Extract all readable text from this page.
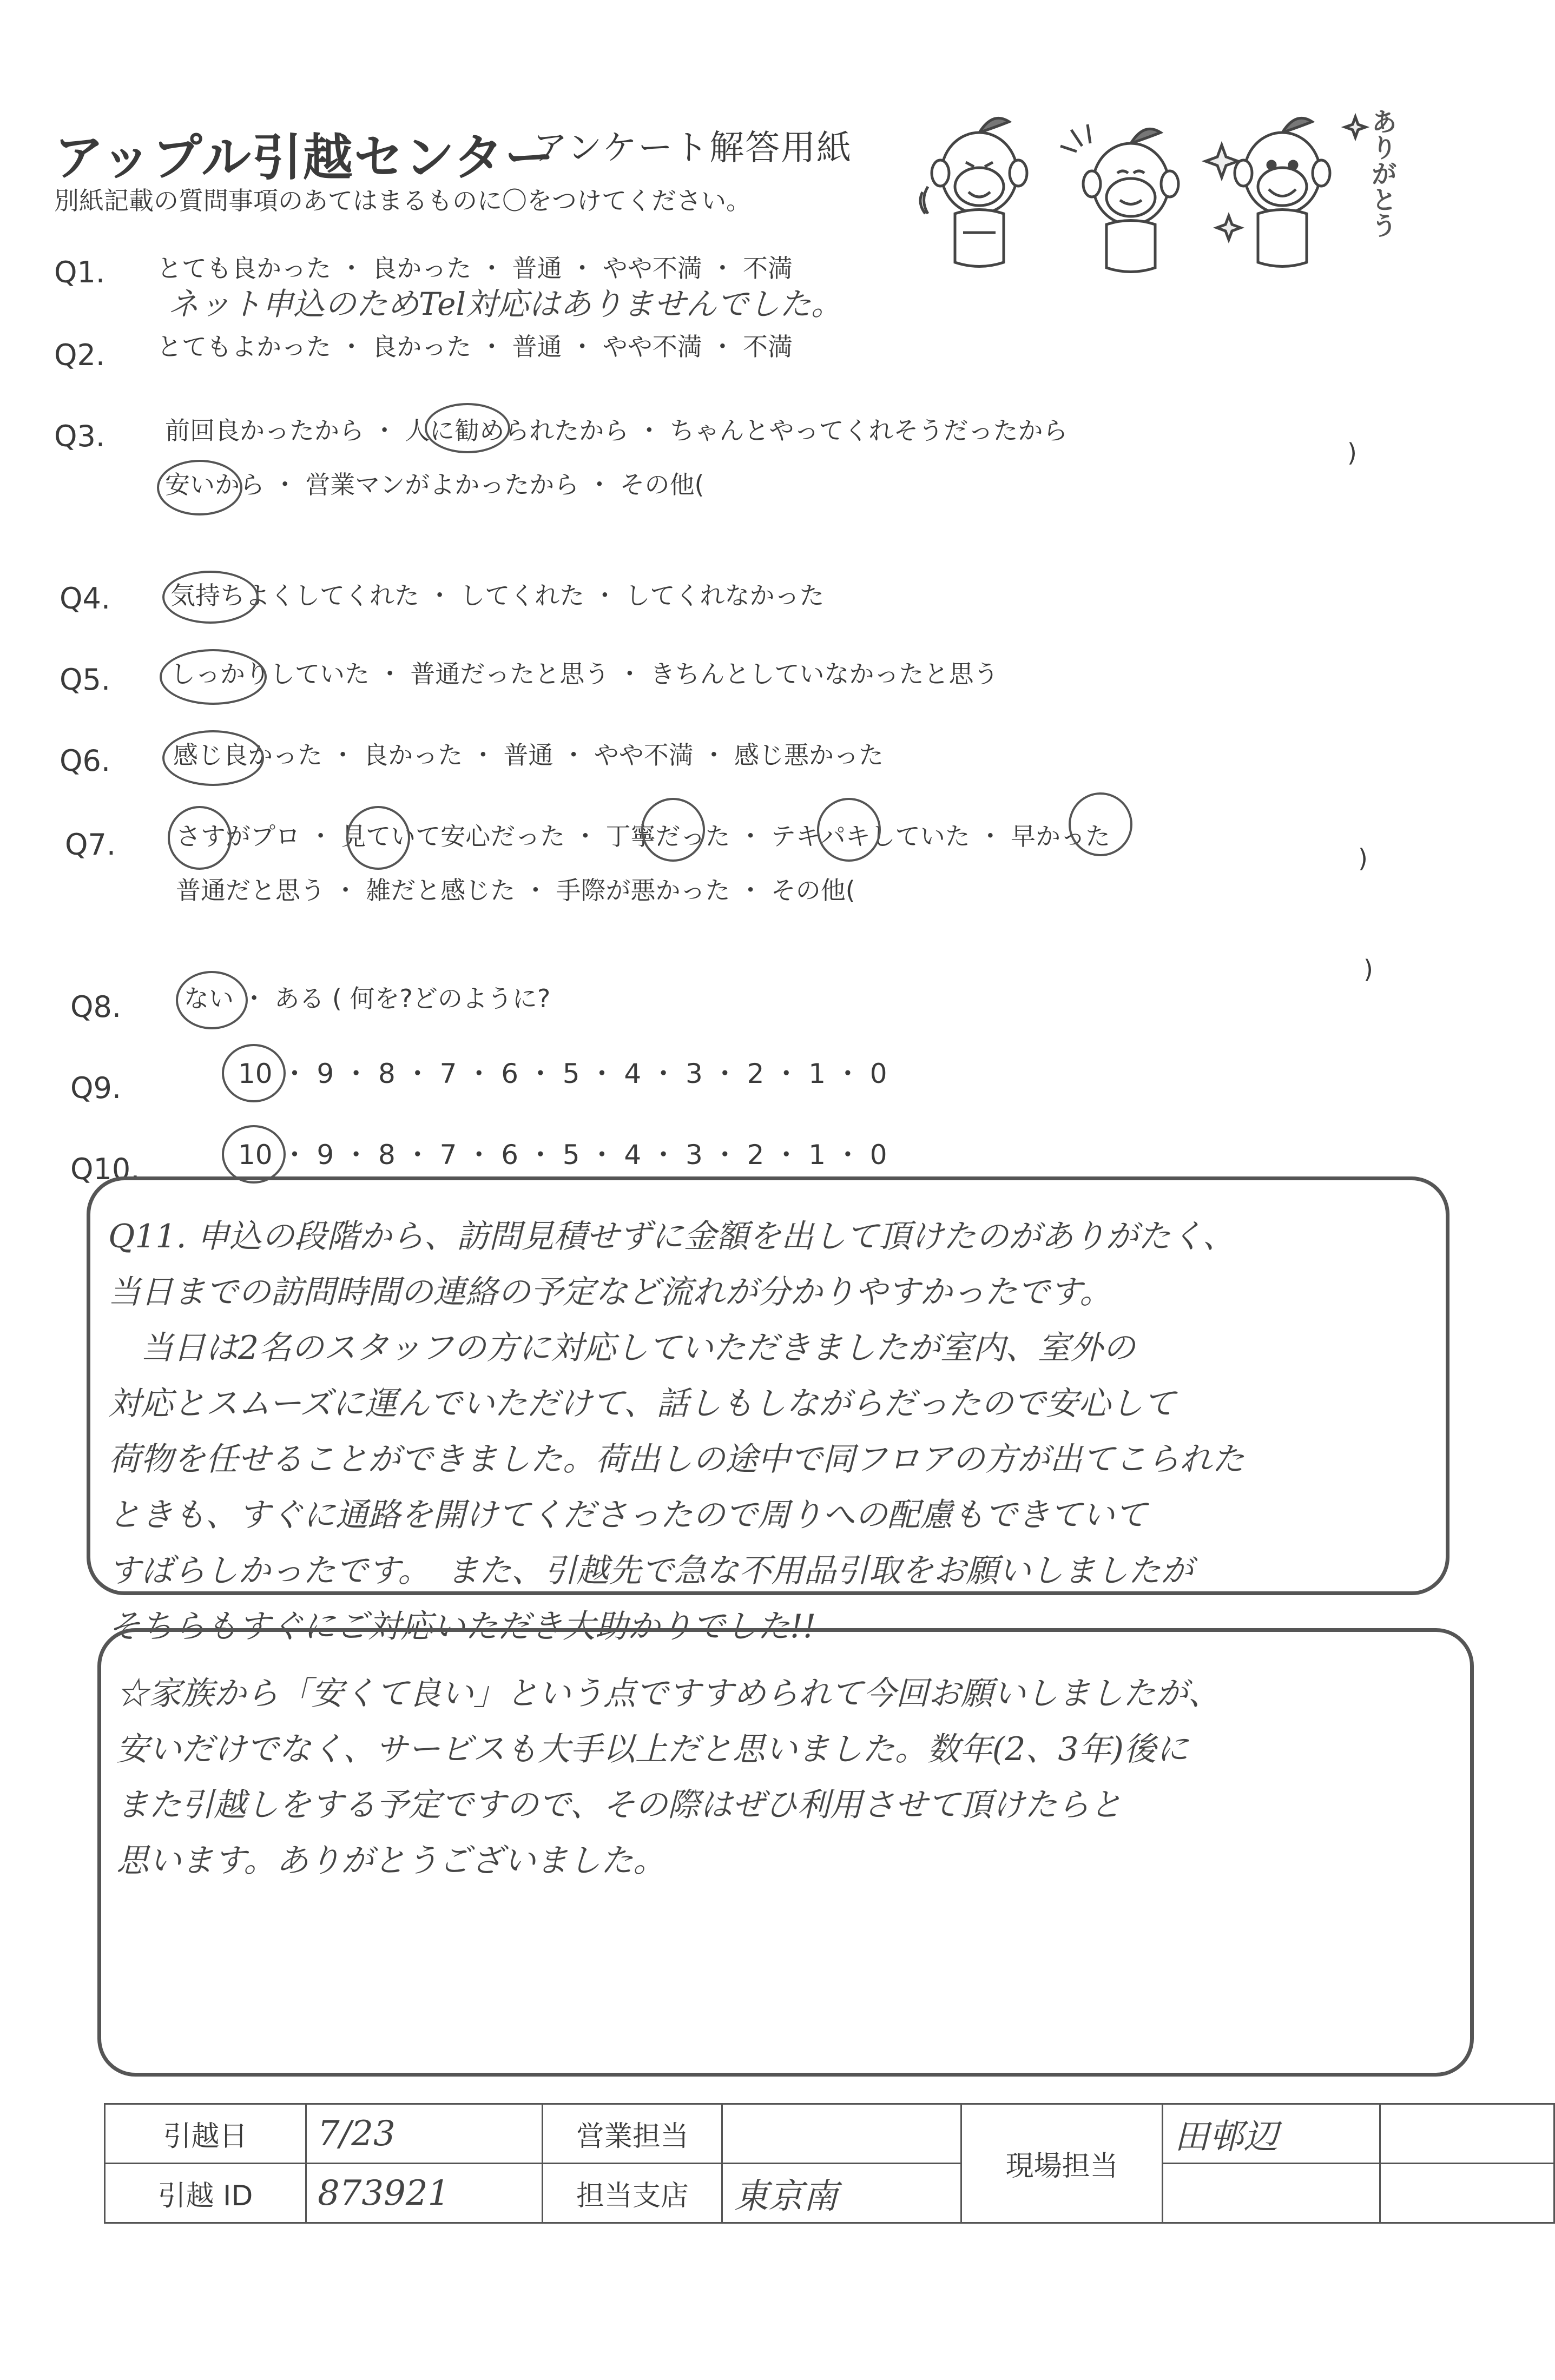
アップル引越センター
アンケート解答用紙
別紙記載の質問事項のあてはまるものに〇をつけてください。	ありがとう
Q1. とても良かった ・ 良かった ・ 普通 ・ やや不満 ・ 不満
ネット申込のためTel対応はありませんでした。
Q2. とてもよかった ・ 良かった ・ 普通 ・ やや不満 ・ 不満
Q3. 前回良かったから ・ 人に勧められたから ・ ちゃんとやってくれそうだったから
安いから ・ 営業マンがよかったから ・ その他(
)
Q4. 気持ちよくしてくれた ・ してくれた ・ してくれなかった
Q5. しっかりしていた ・ 普通だったと思う ・ きちんとしていなかったと思う
Q6.	感じ良かった ・ 良かった ・ 普通 ・ やや不満 ・ 感じ悪かった
Q7. さすがプロ ・ 見ていて安心だった ・ 丁寧だった ・ テキパキしていた ・ 早かった
普通だと思う ・ 雑だと感じた ・ 手際が悪かった ・ その他(
)
Q8.	ない ・ ある ( 何を?どのように?
)
Q9.	10 ・ 9 ・ 8 ・ 7 ・ 6 ・ 5 ・ 4 ・ 3 ・ 2 ・ 1 ・ 0
Q10.	10 ・ 9 ・ 8 ・ 7 ・ 6 ・ 5 ・ 4 ・ 3 ・ 2 ・ 1 ・ 0
Q11. 申込の段階から、訪問見積せずに金額を出して頂けたのがありがたく、
当日までの訪問時間の連絡の予定など流れが分かりやすかったです。
　当日は2名のスタッフの方に対応していただきましたが室内、室外の
対応とスムーズに運んでいただけて、話しもしながらだったので安心して
荷物を任せることができました。荷出しの途中で同フロアの方が出てこられた
ときも、すぐに通路を開けてくださったので周りへの配慮もできていて
すばらしかったです。　また、引越先で急な不用品引取をお願いしましたが
そちらもすぐにご対応いただき大助かりでした!!
☆家族から「安くて良い」という点ですすめられて今回お願いしましたが、
安いだけでなく、サービスも大手以上だと思いました。数年(2、3年)後に
また引越しをする予定ですので、その際はぜひ利用させて頂けたらと
思います。ありがとうございました。
引越日	7/23	営業担当		現場担当	田邨辺	
引越 ID	873921	担当支店	東京南			
